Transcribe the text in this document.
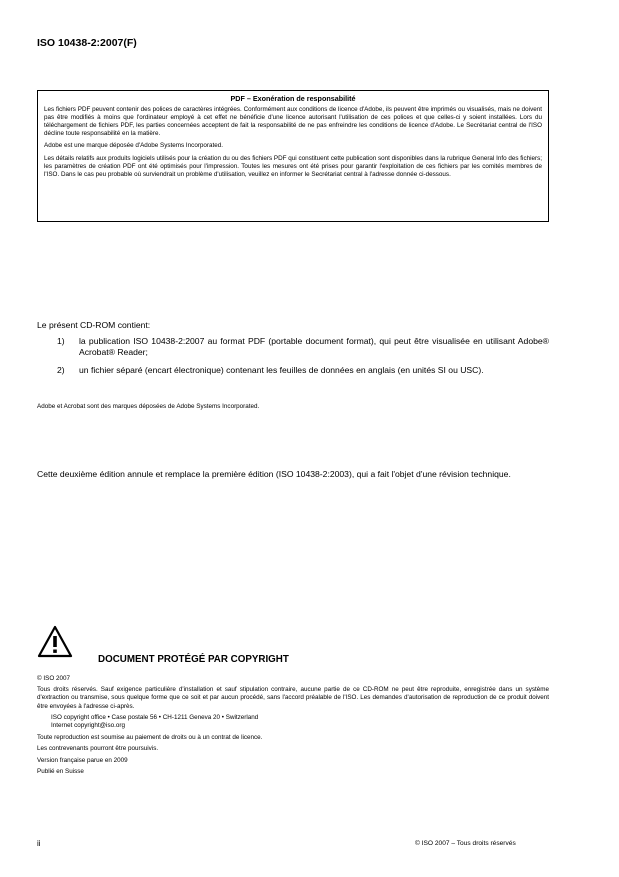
ISO 10438-2:2007(F)
PDF – Exonération de responsabilité

Les fichiers PDF peuvent contenir des polices de caractères intégrées. Conformément aux conditions de licence d'Adobe, ils peuvent être imprimés ou visualisés, mais ne doivent pas être modifiés à moins que l'ordinateur employé à cet effet ne bénéficie d'une licence autorisant l'utilisation de ces polices et que celles-ci y soient installées. Lors du téléchargement de fichiers PDF, les parties concernées acceptent de fait la responsabilité de ne pas enfreindre les conditions de licence d'Adobe. Le Secrétariat central de l'ISO décline toute responsabilité en la matière.

Adobe est une marque déposée d'Adobe Systems Incorporated.

Les détails relatifs aux produits logiciels utilisés pour la création du ou des fichiers PDF qui constituent cette publication sont disponibles dans la rubrique General Info des fichiers; les paramètres de création PDF ont été optimisés pour l'impression. Toutes les mesures ont été prises pour garantir l'exploitation de ces fichiers par les comités membres de l'ISO. Dans le cas peu probable où surviendrait un problème d'utilisation, veuillez en informer le Secrétariat central à l'adresse donnée ci-dessous.

Le présent CD-ROM contient:
1)	la publication ISO 10438-2:2007 au format PDF (portable document format), qui peut être visualisée en utilisant Adobe® Acrobat® Reader;
2)	un fichier séparé (encart électronique) contenant les feuilles de données en anglais (en unités SI ou USC).
Adobe et Acrobat sont des marques déposées de Adobe Systems Incorporated.
Cette deuxième édition annule et remplace la première édition (ISO 10438-2:2003), qui a fait l'objet d'une révision technique.
DOCUMENT PROTÉGÉ PAR COPYRIGHT

© ISO 2007

Tous droits réservés. Sauf exigence particulière d'installation et sauf stipulation contraire, aucune partie de ce CD-ROM ne peut être reproduite, enregistrée dans un système d'extraction ou transmise, sous quelque forme que ce soit et par aucun procédé, sans l'accord préalable de l'ISO. Les demandes d'autorisation de reproduction de ce produit doivent être envoyées à l'adresse ci-après.

ISO copyright office • Case postale 56 • CH-1211 Geneva 20 • Switzerland
Internet copyright@iso.org

Toute reproduction est soumise au paiement de droits ou à un contrat de licence.

Les contrevenants pourront être poursuivis.

Version française parue en 2009

Publié en Suisse

ii	© ISO 2007 – Tous droits réservés
